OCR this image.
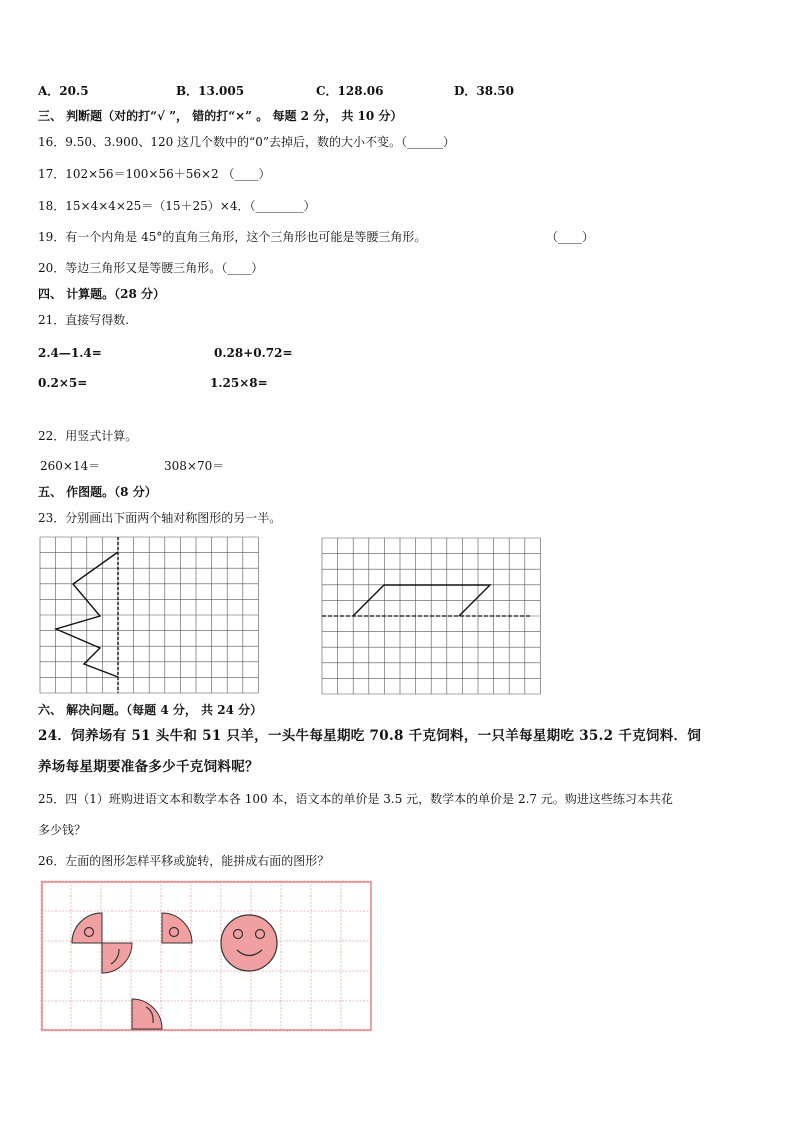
A．20.5	B．13.005	C．128.06	D．38.50
三、 判断题（对的打“√ ”， 错的打“×” 。 每题 2 分， 共 10 分）
16．9.50、3.900、120 这几个数中的“0”去掉后，数的大小不变。（______）
17．102×56＝100×56＋56×2 （____）
18．15×4×4×25＝（15＋25）×4．（________）
19．有一个内角是 45°的直角三角形，这个三角形也可能是等腰三角形。	（____）
20．等边三角形又是等腰三角形。（____）
四、 计算题。（28 分）
21．直接写得数.
2.4—1.4=	0.28+0.72=
0.2×5=	1.25×8=
22．用竖式计算。
260×14＝	308×70＝
五、 作图题。（8 分）
23．分别画出下面两个轴对称图形的另一半。
六、 解决问题。（每题 4 分， 共 24 分）
24．饲养场有 51 头牛和 51 只羊，一头牛每星期吃 70.8 千克饲料，一只羊每星期吃 35.2 千克饲料．饲
养场每星期要准备多少千克饲料呢？
25．四（1）班购进语文本和数学本各 100 本，语文本的单价是 3.5 元，数学本的单价是 2.7 元。购进这些练习本共花
多少钱？
26．左面的图形怎样平移或旋转，能拼成右面的图形？
